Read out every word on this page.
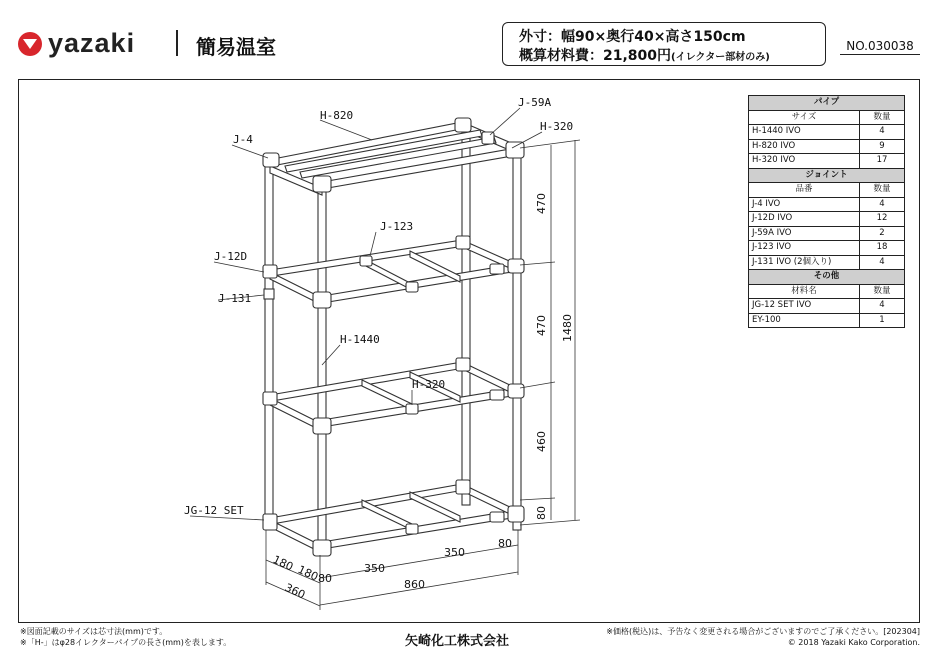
yazaki	簡易温室	外寸：幅90×奥行40×高さ150cm
概算材料費：21,800円(イレクター部材のみ)
NO.030038
H-820
J-59A
H-320
J-4
J-123
J-12D
J-131
H-1440
H-320
JG-12 SET
470
470
460
80
1480
180 180
80
350
350
80
360	860
パイプ	
サイズ	数量
H-1440 IVO	4
H-820 IVO	9
H-320 IVO	17
ジョイント	
品番	数量
J-4 IVO	4
J-12D IVO	12
J-59A IVO	2
J-123 IVO	18
J-131 IVO (2個入り)	4
その他	
材料名	数量
JG-12 SET IVO	4
EY-100	1
※図面記載のサイズは芯寸法(mm)です。
※「H-」はφ28イレクターパイプの長さ(mm)を表します。	矢崎化工株式会社
※価格(税込)は、予告なく変更される場合がございますのでご了承ください。[202304]
© 2018 Yazaki Kako Corporation.
